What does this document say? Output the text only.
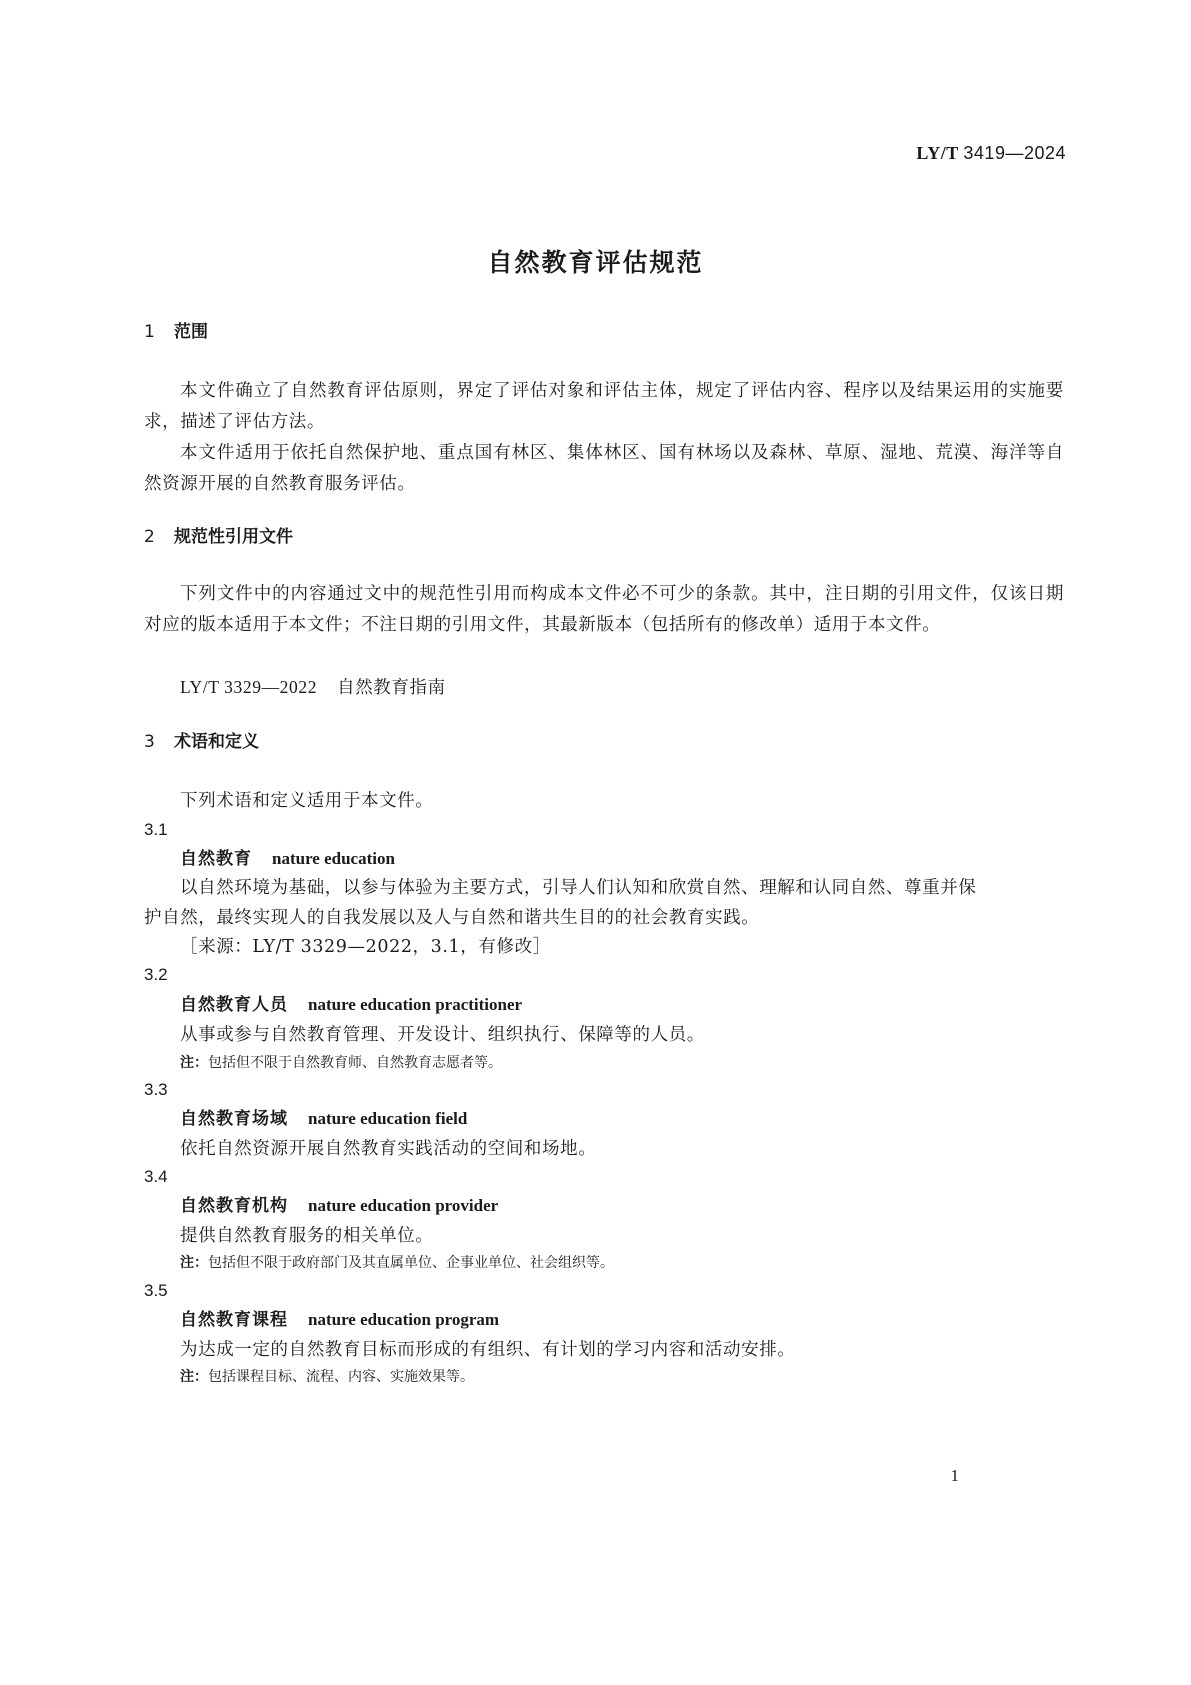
LY/T 3419—2024
自然教育评估规范
1 范围
本文件确立了自然教育评估原则，界定了评估对象和评估主体，规定了评估内容、程序以及结果运用的实施要求，描述了评估方法。
本文件适用于依托自然保护地、重点国有林区、集体林区、国有林场以及森林、草原、湿地、荒漠、海洋等自然资源开展的自然教育服务评估。
2 规范性引用文件
下列文件中的内容通过文中的规范性引用而构成本文件必不可少的条款。其中，注日期的引用文件，仅该日期对应的版本适用于本文件；不注日期的引用文件，其最新版本（包括所有的修改单）适用于本文件。
LY/T 3329—2022 自然教育指南
3 术语和定义
下列术语和定义适用于本文件。
3.1
自然教育 nature education
以自然环境为基础，以参与体验为主要方式，引导人们认知和欣赏自然、理解和认同自然、尊重并保
护自然，最终实现人的自我发展以及人与自然和谐共生目的的社会教育实践。
［来源：LY/T 3329—2022，3.1，有修改］
3.2
自然教育人员 nature education practitioner
从事或参与自然教育管理、开发设计、组织执行、保障等的人员。
注：包括但不限于自然教育师、自然教育志愿者等。
3.3
自然教育场域 nature education field
依托自然资源开展自然教育实践活动的空间和场地。
3.4
自然教育机构 nature education provider
提供自然教育服务的相关单位。
注：包括但不限于政府部门及其直属单位、企事业单位、社会组织等。
3.5
自然教育课程 nature education program
为达成一定的自然教育目标而形成的有组织、有计划的学习内容和活动安排。
注：包括课程目标、流程、内容、实施效果等。
1
